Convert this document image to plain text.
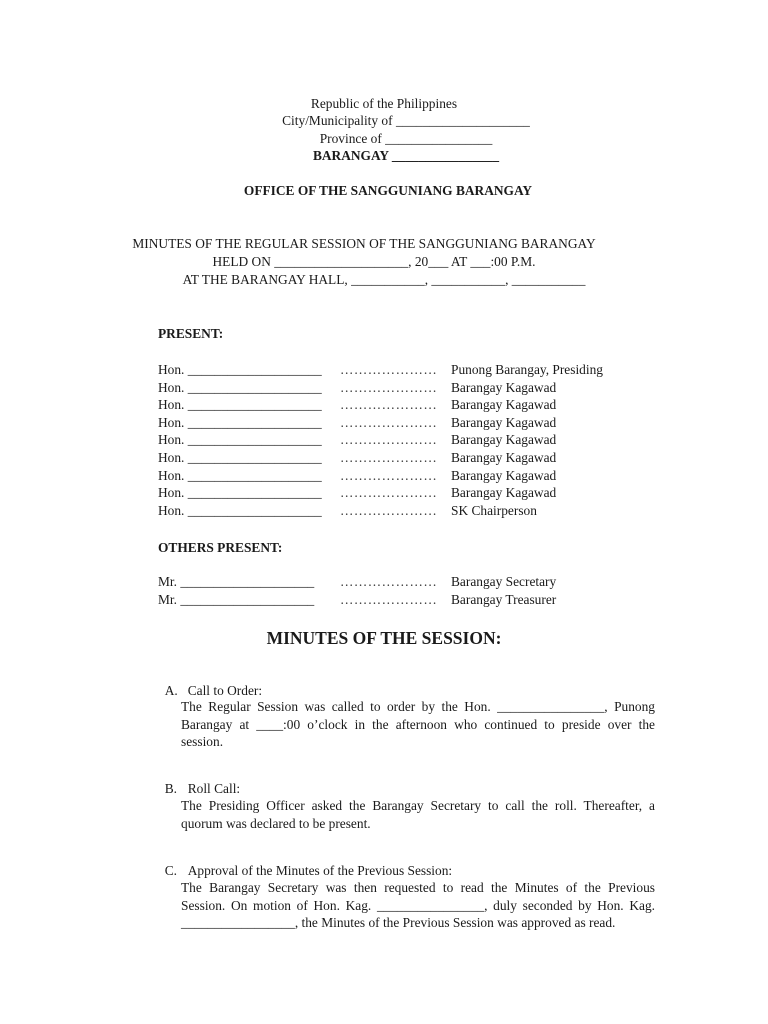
Republic of the Philippines
City/Municipality of ____________________
Province of ________________
BARANGAY ________________
OFFICE OF THE SANGGUNIANG BARANGAY
MINUTES OF THE REGULAR SESSION OF THE SANGGUNIANG BARANGAY
HELD ON ____________________, 20___ AT ___:00 P.M.
AT THE BARANGAY HALL, ___________, ___________, ___________
PRESENT:
Hon. ____________________ ………………… Punong Barangay, Presiding
Hon. ____________________ ………………… Barangay Kagawad
Hon. ____________________ ………………… Barangay Kagawad
Hon. ____________________ ………………… Barangay Kagawad
Hon. ____________________ ………………… Barangay Kagawad
Hon. ____________________ ………………… Barangay Kagawad
Hon. ____________________ ………………… Barangay Kagawad
Hon. ____________________ ………………… Barangay Kagawad
Hon. ____________________ ………………… SK Chairperson
OTHERS PRESENT:
Mr. ____________________ ………………… Barangay Secretary
Mr. ____________________ ………………… Barangay Treasurer
MINUTES OF THE SESSION:

A. Call to Order:

The Regular Session was called to order by the Hon. ________________, Punong
Barangay at ____:00 o’clock in the afternoon who continued to preside over the
session.

B. Roll Call:

The Presiding Officer asked the Barangay Secretary to call the roll. Thereafter, a
quorum was declared to be present.

C. Approval of the Minutes of the Previous Session:

The Barangay Secretary was then requested to read the Minutes of the Previous
Session. On motion of Hon. Kag. ________________, duly seconded by Hon. Kag.
_________________, the Minutes of the Previous Session was approved as read.
